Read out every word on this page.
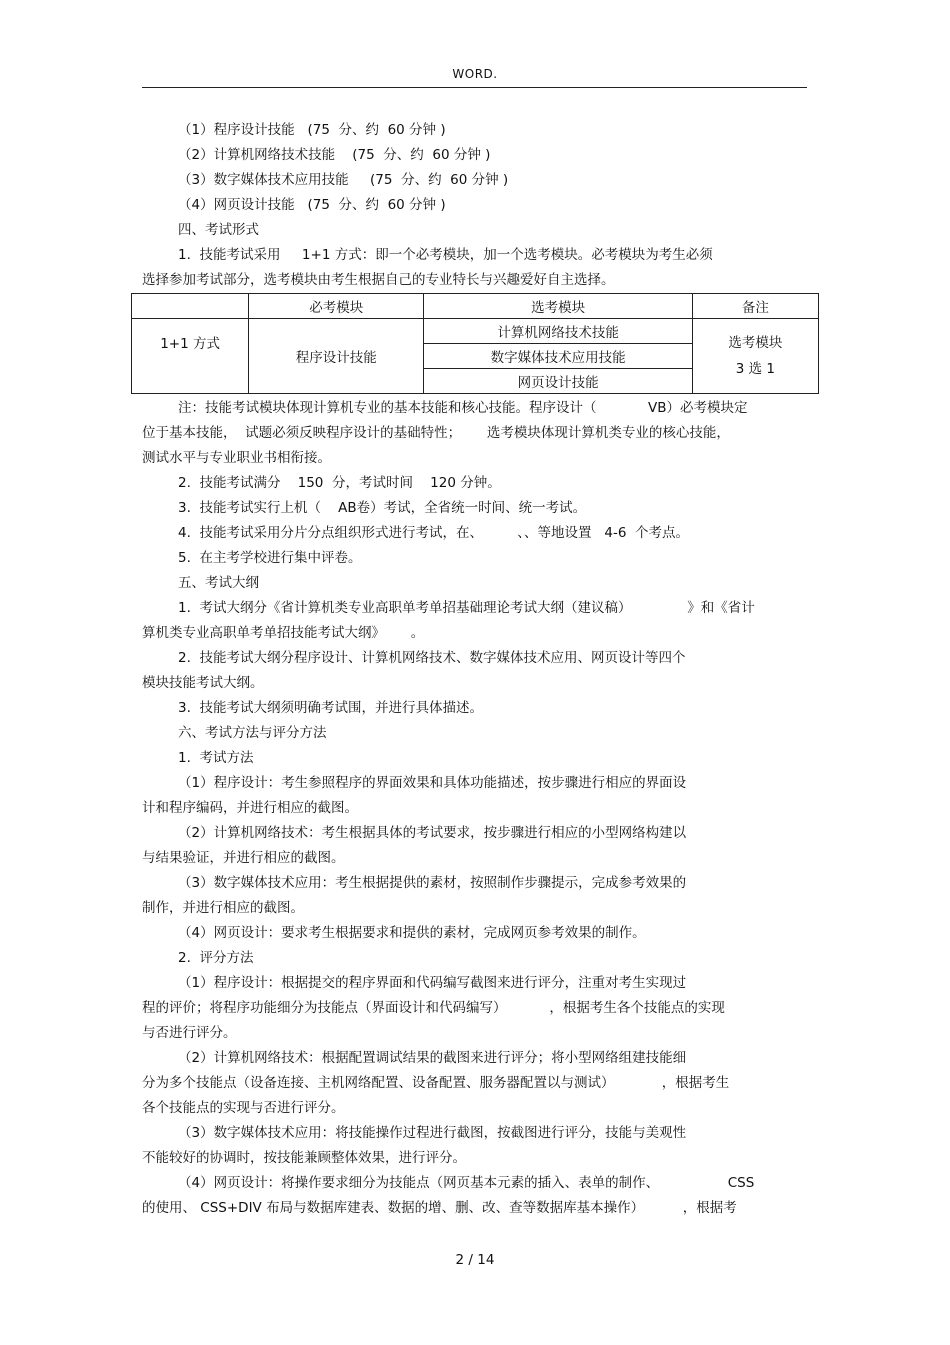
WORD.
（1）程序设计技能   (75  分、约  60 分钟 )
（2）计算机网络技术技能    (75  分、约  60 分钟 )
（3）数字媒体技术应用技能     (75  分、约  60 分钟 )
（4）网页设计技能   (75  分、约  60 分钟 )
四、考试形式
1.  技能考试采用     1+1 方式：即一个必考模块，加一个选考模块。必考模块为考生必须
选择参加考试部分，选考模块由考生根据自己的专业特长与兴趣爱好自主选择。
注：技能考试模块体现计算机专业的基本技能和核心技能。程序设计（            VB）必考模块定
位于基本技能，  试题必须反映程序设计的基础特性；      选考模块体现计算机类专业的核心技能，
测试水平与专业职业书相衔接。
2.  技能考试满分    150  分，考试时间    120 分钟。
3.  技能考试实行上机（    AB卷）考试，全省统一时间、统一考试。
4.  技能考试采用分片分点组织形式进行考试，在、        、、等地设置   4-6  个考点。
5.  在主考学校进行集中评卷。
五、考试大纲
1.  考试大纲分《省计算机类专业高职单考单招基础理论考试大纲（建议稿）             》和《省计
算机类专业高职单考单招技能考试大纲》      。
2.  技能考试大纲分程序设计、计算机网络技术、数字媒体技术应用、网页设计等四个
模块技能考试大纲。
3.  技能考试大纲须明确考试围，并进行具体描述。
六、考试方法与评分方法
1.  考试方法
（1）程序设计：考生参照程序的界面效果和具体功能描述，按步骤进行相应的界面设
计和程序编码，并进行相应的截图。
（2）计算机网络技术：考生根据具体的考试要求，按步骤进行相应的小型网络构建以
与结果验证，并进行相应的截图。
（3）数字媒体技术应用：考生根据提供的素材，按照制作步骤提示，完成参考效果的
制作，并进行相应的截图。
（4）网页设计：要求考生根据要求和提供的素材，完成网页参考效果的制作。
2.  评分方法
（1）程序设计：根据提交的程序界面和代码编写截图来进行评分，注重对考生实现过
程的评价；将程序功能细分为技能点（界面设计和代码编写）          ，根据考生各个技能点的实现
与否进行评分。
（2）计算机网络技术：根据配置调试结果的截图来进行评分；将小型网络组建技能细
分为多个技能点（设备连接、主机网络配置、设备配置、服务器配置以与测试）           ，根据考生
各个技能点的实现与否进行评分。
（3）数字媒体技术应用：将技能操作过程进行截图，按截图进行评分，技能与美观性
不能较好的协调时，按技能兼顾整体效果，进行评分。
（4）网页设计：将操作要求细分为技能点（网页基本元素的插入、表单的制作、                CSS
的使用、 CSS+DIV 布局与数据库建表、数据的增、删、改、查等数据库基本操作）         ，根据考
	必考模块	选考模块	备注
1+1 方式	程序设计技能	计算机网络技术技能	选考模块
3 选 1
		数字媒体技术应用技能	
		网页设计技能	
2 / 14
